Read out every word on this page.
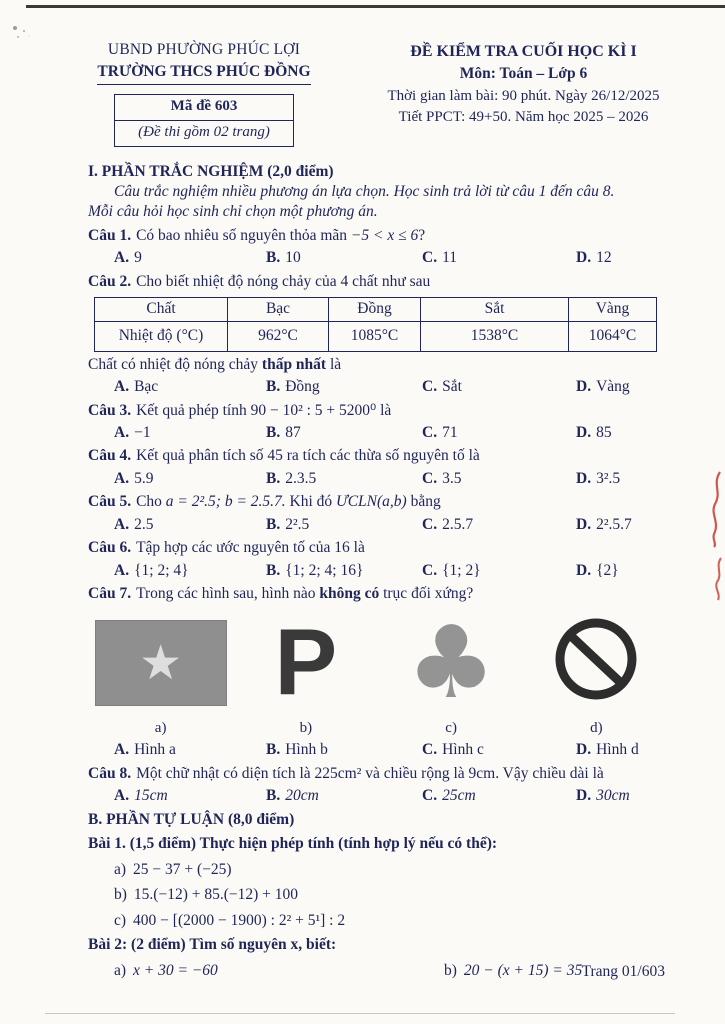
UBND PHƯỜNG PHÚC LỢI
TRƯỜNG THCS PHÚC ĐỒNG
Mã đề 603
(Đề thi gồm 02 trang)
ĐỀ KIỂM TRA CUỐI HỌC KÌ I
Môn: Toán – Lớp 6
Thời gian làm bài: 90 phút. Ngày 26/12/2025
Tiết PPCT: 49+50. Năm học 2025 – 2026
I. PHẦN TRẮC NGHIỆM (2,0 điểm)
Câu trắc nghiệm nhiều phương án lựa chọn. Học sinh trả lời từ câu 1 đến câu 8.
Mỗi câu hỏi học sinh chỉ chọn một phương án.
Câu 1. Có bao nhiêu số nguyên thỏa mãn −5 < x ≤ 6?
A. 9	B. 10	C. 11	D. 12
Câu 2. Cho biết nhiệt độ nóng chảy của 4 chất như sau
Chất	Bạc	Đồng	Sắt	Vàng
Nhiệt độ (°C)	962°C	1085°C	1538°C	1064°C
Chất có nhiệt độ nóng chảy thấp nhất là
A. Bạc	B. Đồng	C. Sắt	D. Vàng
Câu 3. Kết quả phép tính 90 − 10² : 5 + 5200⁰ là
A. −1	B. 87	C. 71	D. 85
Câu 4. Kết quả phân tích số 45 ra tích các thừa số nguyên tố là
A. 5.9	B. 2.3.5	C. 3.5	D. 3².5
Câu 5. Cho a = 2².5; b = 2.5.7. Khi đó ƯCLN(a,b) bằng
A. 2.5	B. 2².5	C. 2.5.7	D. 2².5.7
Câu 6. Tập hợp các ước nguyên tố của 16 là
A. {1; 2; 4}	B. {1; 2; 4; 16}	C. {1; 2}	D. {2}
Câu 7. Trong các hình sau, hình nào không có trục đối xứng?
★ P ♣
a)	b)	c)	d)
A. Hình a	B. Hình b	C. Hình c	D. Hình d
Câu 8. Một chữ nhật có diện tích là 225cm² và chiều rộng là 9cm. Vậy chiều dài là
A. 15cm	B. 20cm	C. 25cm	D. 30cm
B. PHẦN TỰ LUẬN (8,0 điểm)
Bài 1. (1,5 điểm) Thực hiện phép tính (tính hợp lý nếu có thể):
a) 25 − 37 + (−25)
b) 15.(−12) + 85.(−12) + 100
c) 400 − [(2000 − 1900) : 2² + 5¹] : 2
Bài 2: (2 điểm) Tìm số nguyên x, biết:
a) x + 30 = −60	b) 20 − (x + 15) = 35 Trang 01/603
